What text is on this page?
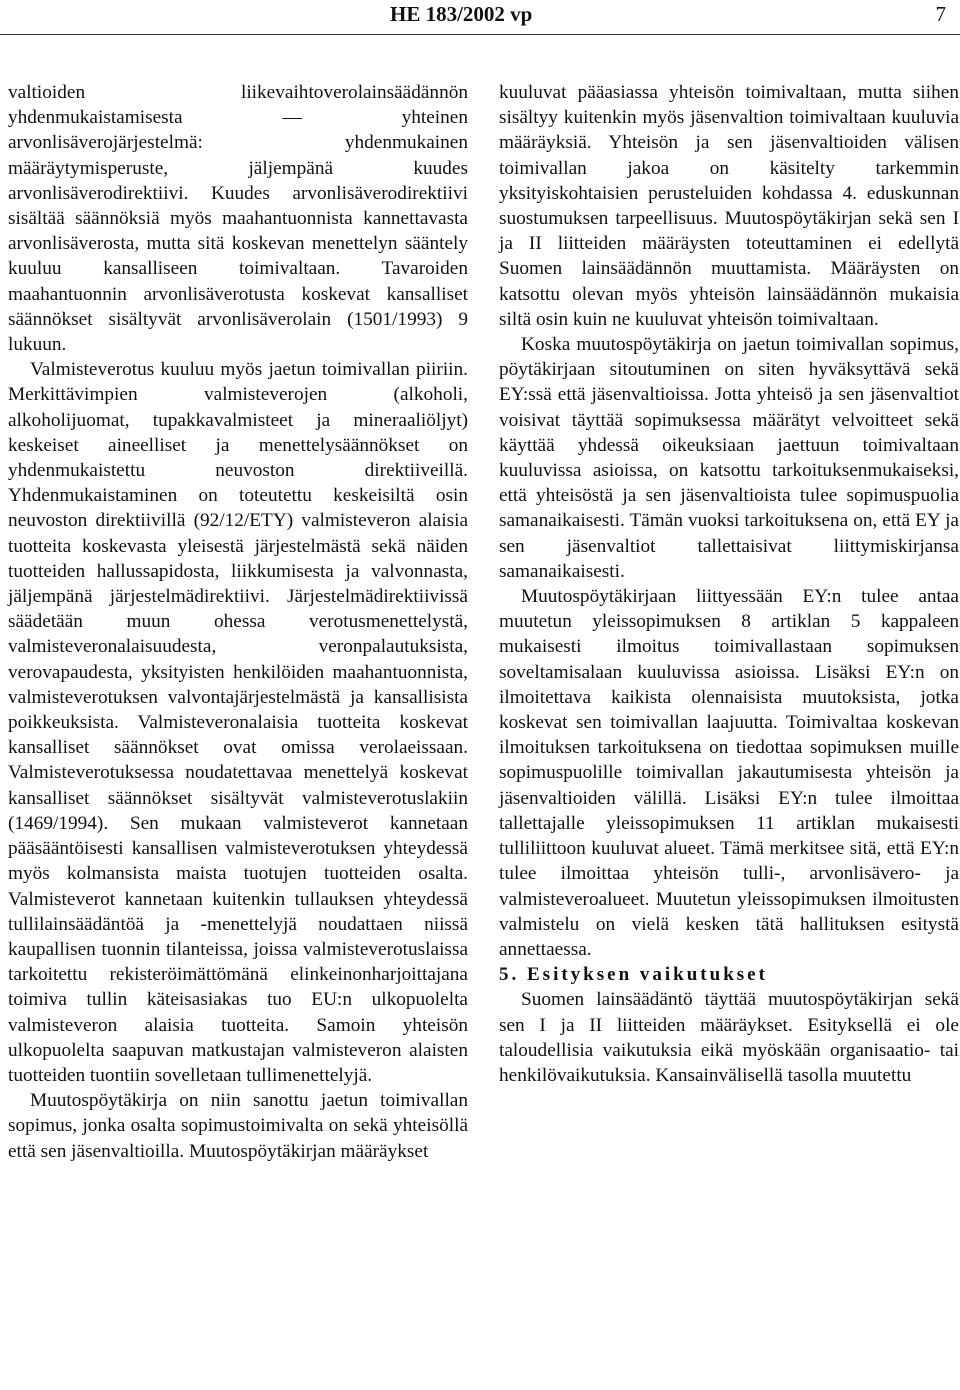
HE 183/2002 vp	7

valtioiden liikevaihtoverolainsäädännön yhdenmukaistamisesta — yhteinen arvonlisäverojärjestelmä: yhdenmukainen määräytymisperuste, jäljempänä kuudes arvonlisäverodirektiivi. Kuudes arvonlisäverodirektiivi sisältää säännöksiä myös maahantuonnista kannettavasta arvonlisäverosta, mutta sitä koskevan menettelyn sääntely kuuluu kansalliseen toimivaltaan. Tavaroiden maahantuonnin arvonlisäverotusta koskevat kansalliset säännökset sisältyvät arvonlisäverolain (1501/1993) 9 lukuun.

Valmisteverotus kuuluu myös jaetun toimivallan piiriin. Merkittävimpien valmisteverojen (alkoholi, alkoholijuomat, tupakkavalmisteet ja mineraaliöljyt) keskeiset aineelliset ja menettelysäännökset on yhdenmukaistettu neuvoston direktiiveillä. Yhdenmukaistaminen on toteutettu keskeisiltä osin neuvoston direktiivillä (92/12/ETY) valmisteveron alaisia tuotteita koskevasta yleisestä järjestelmästä sekä näiden tuotteiden hallussapidosta, liikkumisesta ja valvonnasta, jäljempänä järjestelmädirektiivi. Järjestelmädirektiivissä säädetään muun ohessa verotusmenettelystä, valmisteveronalaisuudesta, veronpalautuksista, verovapaudesta, yksityisten henkilöiden maahantuonnista, valmisteverotuksen valvontajärjestelmästä ja kansallisista poikkeuksista. Valmisteveronalaisia tuotteita koskevat kansalliset säännökset ovat omissa verolaeissaan. Valmisteverotuksessa noudatettavaa menettelyä koskevat kansalliset säännökset sisältyvät valmisteverotuslakiin (1469/1994). Sen mukaan valmisteverot kannetaan pääsääntöisesti kansallisen valmisteverotuksen yhteydessä myös kolmansista maista tuotujen tuotteiden osalta. Valmisteverot kannetaan kuitenkin tullauksen yhteydessä tullilainsäädäntöä ja -menettelyjä noudattaen niissä kaupallisen tuonnin tilanteissa, joissa valmisteverotuslaissa tarkoitettu rekisteröimättömänä elinkeinonharjoittajana toimiva tullin käteisasiakas tuo EU:n ulkopuolelta valmisteveron alaisia tuotteita. Samoin yhteisön ulkopuolelta saapuvan matkustajan valmisteveron alaisten tuotteiden tuontiin sovelletaan tullimenettelyjä.

Muutospöytäkirja on niin sanottu jaetun toimivallan sopimus, jonka osalta sopimustoimivalta on sekä yhteisöllä että sen jäsenvaltioilla. Muutospöytäkirjan määräykset

kuuluvat pääasiassa yhteisön toimivaltaan, mutta siihen sisältyy kuitenkin myös jäsenvaltion toimivaltaan kuuluvia määräyksiä. Yhteisön ja sen jäsenvaltioiden välisen toimivallan jakoa on käsitelty tarkemmin yksityiskohtaisien perusteluiden kohdassa 4. eduskunnan suostumuksen tarpeellisuus. Muutospöytäkirjan sekä sen I ja II liitteiden määräysten toteuttaminen ei edellytä Suomen lainsäädännön muuttamista. Määräysten on katsottu olevan myös yhteisön lainsäädännön mukaisia siltä osin kuin ne kuuluvat yhteisön toimivaltaan.

Koska muutospöytäkirja on jaetun toimivallan sopimus, pöytäkirjaan sitoutuminen on siten hyväksyttävä sekä EY:ssä että jäsenvaltioissa. Jotta yhteisö ja sen jäsenvaltiot voisivat täyttää sopimuksessa määrätyt velvoitteet sekä käyttää yhdessä oikeuksiaan jaettuun toimivaltaan kuuluvissa asioissa, on katsottu tarkoituksenmukaiseksi, että yhteisöstä ja sen jäsenvaltioista tulee sopimuspuolia samanaikaisesti. Tämän vuoksi tarkoituksena on, että EY ja sen jäsenvaltiot tallettaisivat liittymiskirjansa samanaikaisesti.

Muutospöytäkirjaan liittyessään EY:n tulee antaa muutetun yleissopimuksen 8 artiklan 5 kappaleen mukaisesti ilmoitus toimivallastaan sopimuksen soveltamisalaan kuuluvissa asioissa. Lisäksi EY:n on ilmoitettava kaikista olennaisista muutoksista, jotka koskevat sen toimivallan laajuutta. Toimivaltaa koskevan ilmoituksen tarkoituksena on tiedottaa sopimuksen muille sopimuspuolille toimivallan jakautumisesta yhteisön ja jäsenvaltioiden välillä. Lisäksi EY:n tulee ilmoittaa tallettajalle yleissopimuksen 11 artiklan mukaisesti tulliliittoon kuuluvat alueet. Tämä merkitsee sitä, että EY:n tulee ilmoittaa yhteisön tulli-, arvonlisävero- ja valmisteveroalueet. Muutetun yleissopimuksen ilmoitusten valmistelu on vielä kesken tätä hallituksen esitystä annettaessa.

5. Esityksen vaikutukset

Suomen lainsäädäntö täyttää muutospöytäkirjan sekä sen I ja II liitteiden määräykset. Esityksellä ei ole taloudellisia vaikutuksia eikä myöskään organisaatio- tai henkilövaikutuksia. Kansainvälisellä tasolla muutettu
